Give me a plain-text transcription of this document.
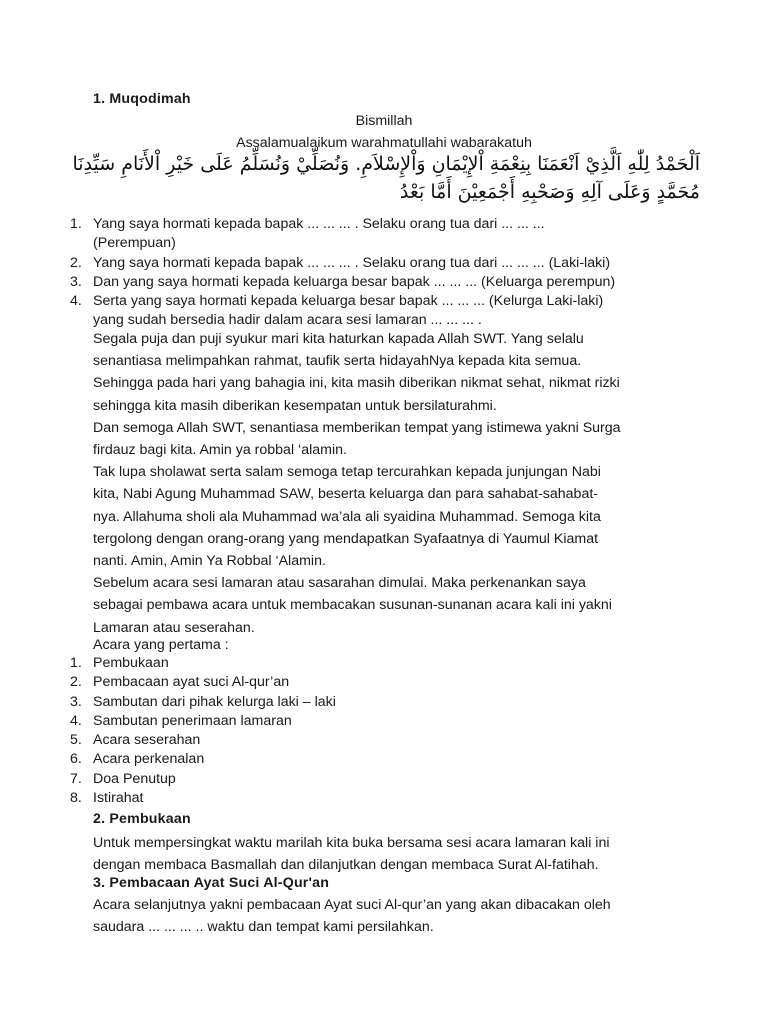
1. Muqodimah
Bismillah
Assalamualaikum warahmatullahi wabarakatuh
اَلْحَمْدُ لِلّٰهِ اَلَّذِيْ اَنْعَمَنَا بِنِعْمَةِ اْلإِيْمَانِ وَاْلإِسْلاَمِ. وَنُصَلِّيْ وَنُسَلِّمُ عَلَى خَيْرِ اْلأَنَامِ سَيِّدِنَا
مُحَمَّدٍ وَعَلَى آلِهِ وَصَحْبِهِ أَجْمَعِيْنَ أَمَّا بَعْدُ
1. Yang saya hormati kepada bapak ... ... ... . Selaku orang tua dari ... ... ...
(Perempuan)
2. Yang saya hormati kepada bapak ... ... ... . Selaku orang tua dari ... ... ... (Laki-laki)
3. Dan yang saya hormati kepada keluarga besar bapak ... ... ... (Keluarga perempun)
4. Serta yang saya hormati kepada keluarga besar bapak ... ... ... (Kelurga Laki-laki)
yang sudah bersedia hadir dalam acara sesi lamaran ... ... ... .
Segala puja dan puji syukur mari kita haturkan kapada Allah SWT. Yang selalu
senantiasa melimpahkan rahmat, taufik serta hidayahNya kepada kita semua.
Sehingga pada hari yang bahagia ini, kita masih diberikan nikmat sehat, nikmat rizki
sehingga kita masih diberikan kesempatan untuk bersilaturahmi.
Dan semoga Allah SWT, senantiasa memberikan tempat yang istimewa yakni Surga
firdauz bagi kita. Amin ya robbal ‘alamin.
Tak lupa sholawat serta salam semoga tetap tercurahkan kepada junjungan Nabi
kita, Nabi Agung Muhammad SAW, beserta keluarga dan para sahabat-sahabat-
nya. Allahuma sholi ala Muhammad wa’ala ali syaidina Muhammad. Semoga kita
tergolong dengan orang-orang yang mendapatkan Syafaatnya di Yaumul Kiamat
nanti. Amin, Amin Ya Robbal ‘Alamin.
Sebelum acara sesi lamaran atau sasarahan dimulai. Maka perkenankan saya
sebagai pembawa acara untuk membacakan susunan-sunanan acara kali ini yakni
Lamaran atau seserahan.
Acara yang pertama :
1. Pembukaan
2. Pembacaan ayat suci Al-qur’an
3. Sambutan dari pihak kelurga laki – laki
4. Sambutan penerimaan lamaran
5. Acara seserahan
6. Acara perkenalan
7. Doa Penutup
8. Istirahat
2. Pembukaan
Untuk mempersingkat waktu marilah kita buka bersama sesi acara lamaran kali ini
dengan membaca Basmallah dan dilanjutkan dengan membaca Surat Al-fatihah.
3. Pembacaan Ayat Suci Al-Qur'an
Acara selanjutnya yakni pembacaan Ayat suci Al-qur’an yang akan dibacakan oleh
saudara ... ... ... .. waktu dan tempat kami persilahkan.
